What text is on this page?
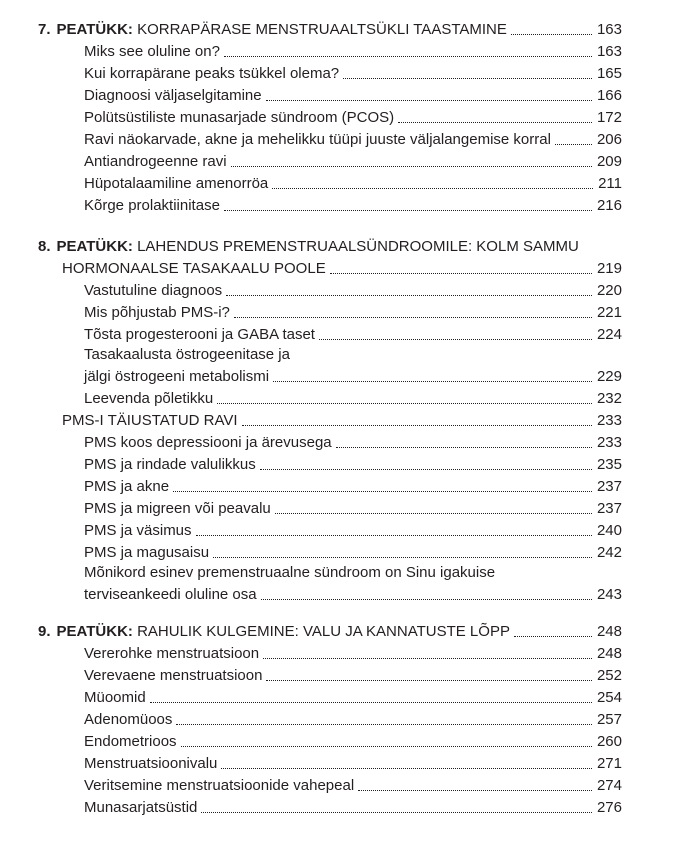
7. PEATÜKK: KORRAPÄRASE MENSTRUAALTSÜKLI TAASTAMINE	163
Miks see oluline on?	163
Kui korrapärane peaks tsükkel olema?	165
Diagnoosi väljaselgitamine	166
Polütsüstiliste munasarjade sündroom (PCOS)	172
Ravi näokarvade, akne ja mehelikku tüüpi juuste väljalangemise korral	206
Antiandrogeenne ravi	209
Hüpotalaamiline amenorröa	211
Kõrge prolaktiinitase	216
8. PEATÜKK: LAHENDUS PREMENSTRUAALSÜNDROOMILE: KOLM SAMMU
HORMONAALSE TASAKAALU POOLE	219
Vastutuline diagnoos	220
Mis põhjustab PMS-i?	221
Tõsta progesterooni ja GABA taset	224
Tasakaalusta östrogeenitase ja
jälgi östrogeeni metabolismi	229
Leevenda põletikku	232
PMS-I TÄIUSTATUD RAVI	233
PMS koos depressiooni ja ärevusega	233
PMS ja rindade valulikkus	235
PMS ja akne	237
PMS ja migreen või peavalu	237
PMS ja väsimus	240
PMS ja magusaisu	242
Mõnikord esinev premenstruaalne sündroom on Sinu igakuise
terviseankeedi oluline osa	243
9. PEATÜKK: RAHULIK KULGEMINE: VALU JA KANNATUSTE LÕPP	248
Vererohke menstruatsioon	248
Verevaene menstruatsioon	252
Müoomid	254
Adenomüoos	257
Endometrioos	260
Menstruatsioonivalu	271
Veritsemine menstruatsioonide vahepeal	274
Munasarjatsüstid	276
